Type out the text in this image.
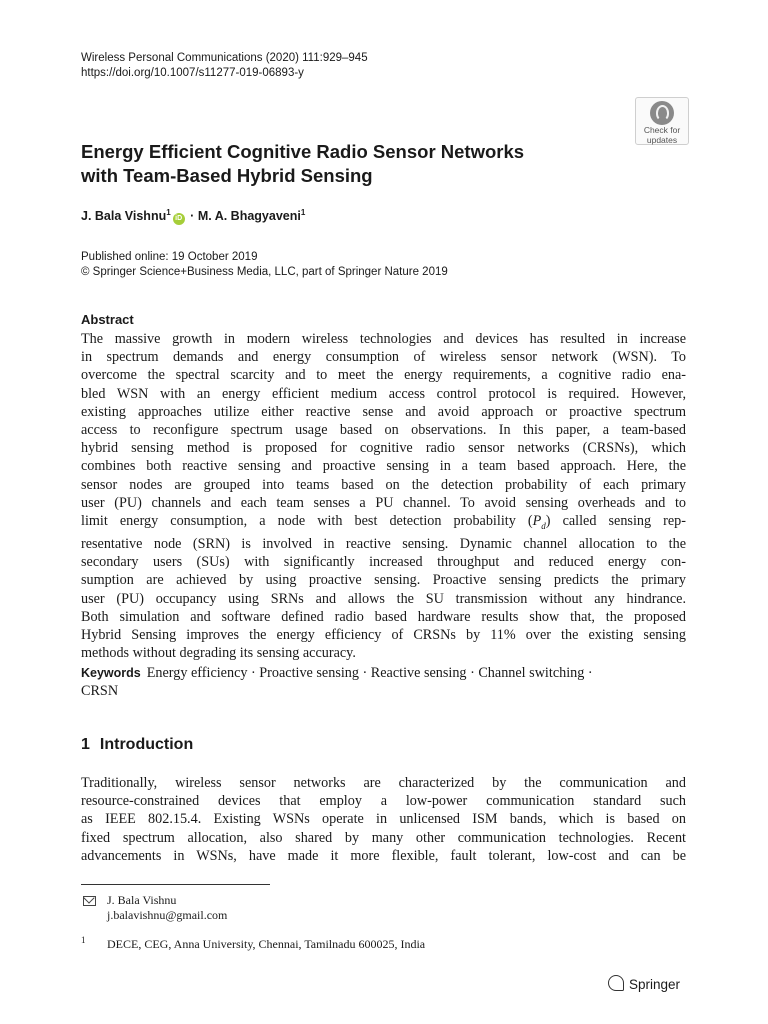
Wireless Personal Communications (2020) 111:929–945
https://doi.org/10.1007/s11277-019-06893-y
Check for
updates
Energy Efficient Cognitive Radio Sensor Networks
with Team-Based Hybrid Sensing
J. Bala Vishnu$^1$iD · M. A. Bhagyaveni$^1$
Published online: 19 October 2019
© Springer Science+Business Media, LLC, part of Springer Nature 2019
Abstract
The massive growth in modern wireless technologies and devices has resulted in increase
in spectrum demands and energy consumption of wireless sensor network (WSN). To
overcome the spectral scarcity and to meet the energy requirements, a cognitive radio ena-
bled WSN with an energy efficient medium access control protocol is required. However,
existing approaches utilize either reactive sense and avoid approach or proactive spectrum
access to reconfigure spectrum usage based on observations. In this paper, a team-based
hybrid sensing method is proposed for cognitive radio sensor networks (CRSNs), which
combines both reactive sensing and proactive sensing in a team based approach. Here, the
sensor nodes are grouped into teams based on the detection probability of each primary
user (PU) channels and each team senses a PU channel. To avoid sensing overheads and to
limit energy consumption, a node with best detection probability $(P_d)$ called sensing rep-
resentative node (SRN) is involved in reactive sensing. Dynamic channel allocation to the
secondary users (SUs) with significantly increased throughput and reduced energy con-
sumption are achieved by using proactive sensing. Proactive sensing predicts the primary
user (PU) occupancy using SRNs and allows the SU transmission without any hindrance.
Both simulation and software defined radio based hardware results show that, the proposed
Hybrid Sensing improves the energy efficiency of CRSNs by 11% over the existing sensing
methods without degrading its sensing accuracy.
Keywords Energy efficiency · Proactive sensing · Reactive sensing · Channel switching ·
CRSN
1 Introduction
Traditionally, wireless sensor networks are characterized by the communication and
resource-constrained devices that employ a low-power communication standard such
as IEEE 802.15.4. Existing WSNs operate in unlicensed ISM bands, which is based on
fixed spectrum allocation, also shared by many other communication technologies. Recent
advancements in WSNs, have made it more flexible, fault tolerant, low-cost and can be
J. Bala Vishnu
j.balavishnu@gmail.com
1 DECE, CEG, Anna University, Chennai, Tamilnadu 600025, India
Springer
